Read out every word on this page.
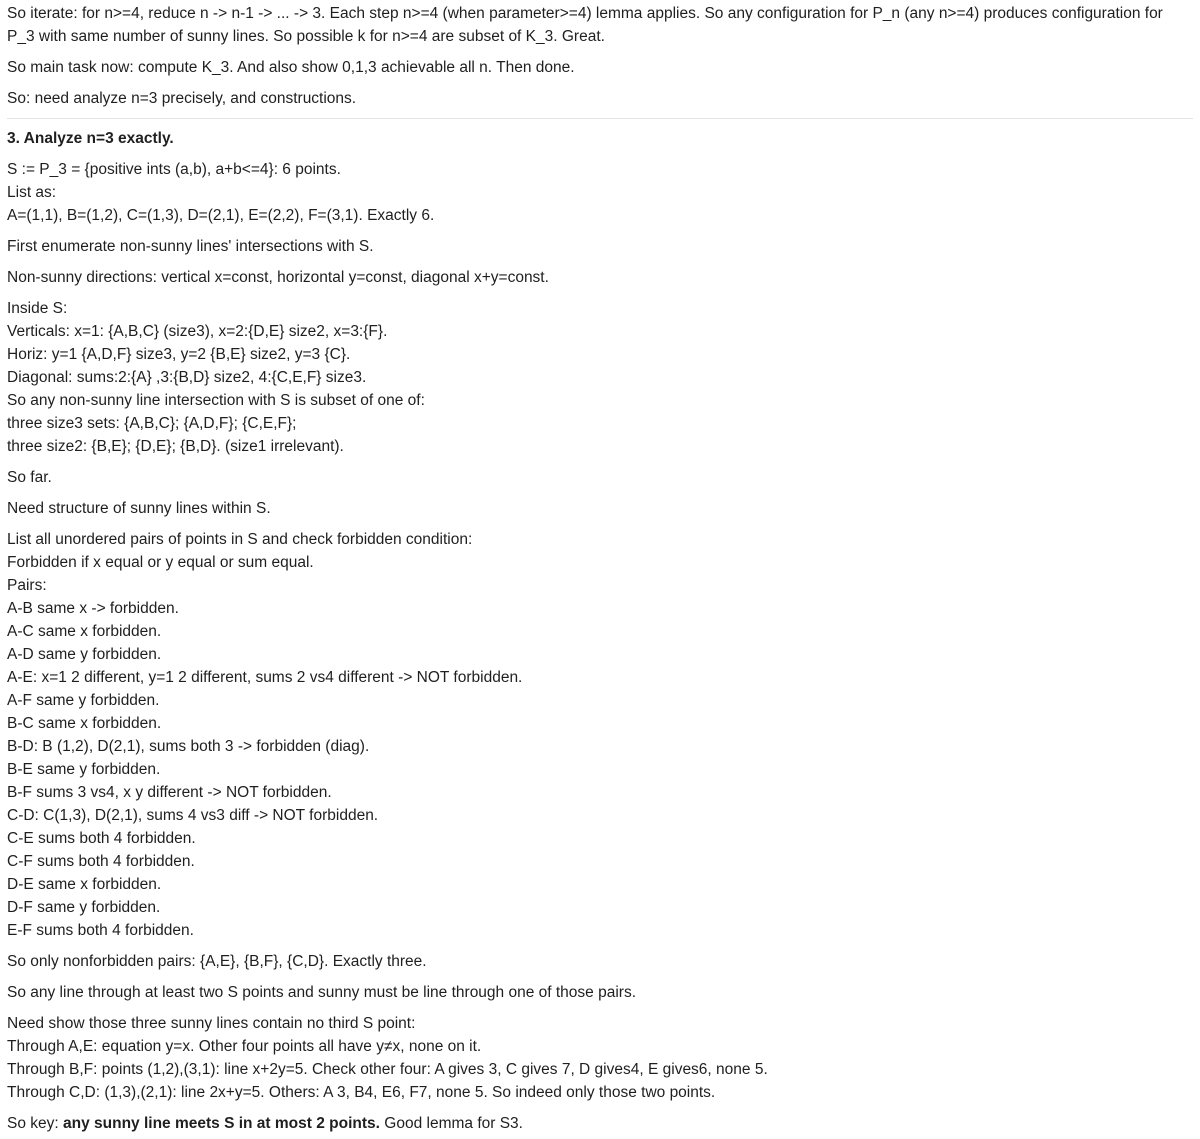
So iterate: for n>=4, reduce n -> n-1 -> ... -> 3. Each step n>=4 (when parameter>=4) lemma applies. So any configuration for P_n (any n>=4) produces configuration for
P_3 with same number of sunny lines. So possible k for n>=4 are subset of K_3. Great.
So main task now: compute K_3. And also show 0,1,3 achievable all n. Then done.
So: need analyze n=3 precisely, and constructions.
3. Analyze n=3 exactly.
S := P_3 = {positive ints (a,b), a+b<=4}: 6 points.
List as:
A=(1,1), B=(1,2), C=(1,3), D=(2,1), E=(2,2), F=(3,1). Exactly 6.
First enumerate non-sunny lines' intersections with S.
Non-sunny directions: vertical x=const, horizontal y=const, diagonal x+y=const.
Inside S:
Verticals: x=1: {A,B,C} (size3), x=2:{D,E} size2, x=3:{F}.
Horiz: y=1 {A,D,F} size3, y=2 {B,E} size2, y=3 {C}.
Diagonal: sums:2:{A} ,3:{B,D} size2, 4:{C,E,F} size3.
So any non-sunny line intersection with S is subset of one of:
three size3 sets: {A,B,C}; {A,D,F}; {C,E,F};
three size2: {B,E}; {D,E}; {B,D}. (size1 irrelevant).
So far.
Need structure of sunny lines within S.
List all unordered pairs of points in S and check forbidden condition:
Forbidden if x equal or y equal or sum equal.
Pairs:
A-B same x -> forbidden.
A-C same x forbidden.
A-D same y forbidden.
A-E: x=1 2 different, y=1 2 different, sums 2 vs4 different -> NOT forbidden.
A-F same y forbidden.
B-C same x forbidden.
B-D: B (1,2), D(2,1), sums both 3 -> forbidden (diag).
B-E same y forbidden.
B-F sums 3 vs4, x y different -> NOT forbidden.
C-D: C(1,3), D(2,1), sums 4 vs3 diff -> NOT forbidden.
C-E sums both 4 forbidden.
C-F sums both 4 forbidden.
D-E same x forbidden.
D-F same y forbidden.
E-F sums both 4 forbidden.
So only nonforbidden pairs: {A,E}, {B,F}, {C,D}. Exactly three.
So any line through at least two S points and sunny must be line through one of those pairs.
Need show those three sunny lines contain no third S point:
Through A,E: equation y=x. Other four points all have y≠x, none on it.
Through B,F: points (1,2),(3,1): line x+2y=5. Check other four: A gives 3, C gives 7, D gives4, E gives6, none 5.
Through C,D: (1,3),(2,1): line 2x+y=5. Others: A 3, B4, E6, F7, none 5. So indeed only those two points.
So key: any sunny line meets S in at most 2 points. Good lemma for S3.
